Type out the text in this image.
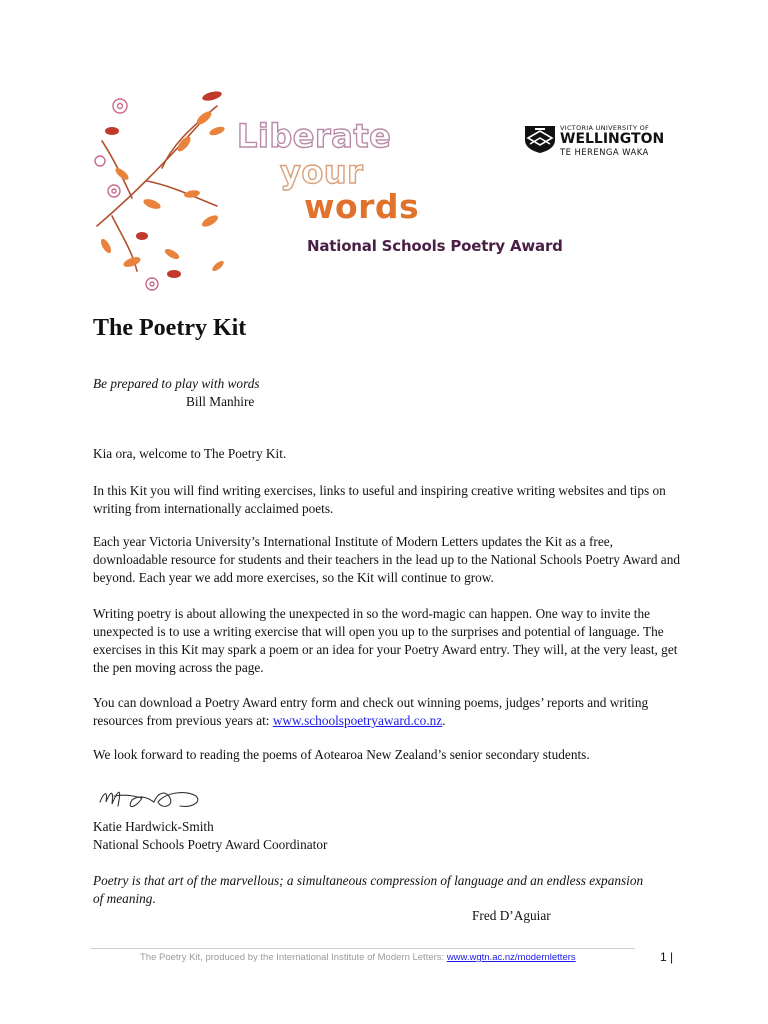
Liberate
your
words
National Schools Poetry Award
VICTORIA UNIVERSITY OF
WELLINGTON
TE HERENGA WAKA
The Poetry Kit

Be prepared to play with words

Bill Manhire

Kia ora, welcome to The Poetry Kit.

In this Kit you will find writing exercises, links to useful and inspiring creative writing websites and tips on writing from internationally acclaimed poets.

Each year Victoria University’s International Institute of Modern Letters updates the Kit as a free, downloadable resource for students and their teachers in the lead up to the National Schools Poetry Award and beyond. Each year we add more exercises, so the Kit will continue to grow.

Writing poetry is about allowing the unexpected in so the word-magic can happen. One way to invite the unexpected is to use a writing exercise that will open you up to the surprises and potential of language. The exercises in this Kit may spark a poem or an idea for your Poetry Award entry. They will, at the very least, get the pen moving across the page.

You can download a Poetry Award entry form and check out winning poems, judges’ reports and writing resources from previous years at: www.schoolspoetryaward.co.nz.

We look forward to reading the poems of Aotearoa New Zealand’s senior secondary students.

Katie Hardwick-Smith

National Schools Poetry Award Coordinator

Poetry is that art of the marvellous; a simultaneous compression of language and an endless expansion of meaning.

Fred D’Aguiar

The Poetry Kit, produced by the International Institute of Modern Letters: www.wgtn.ac.nz/modernletters	1 |
